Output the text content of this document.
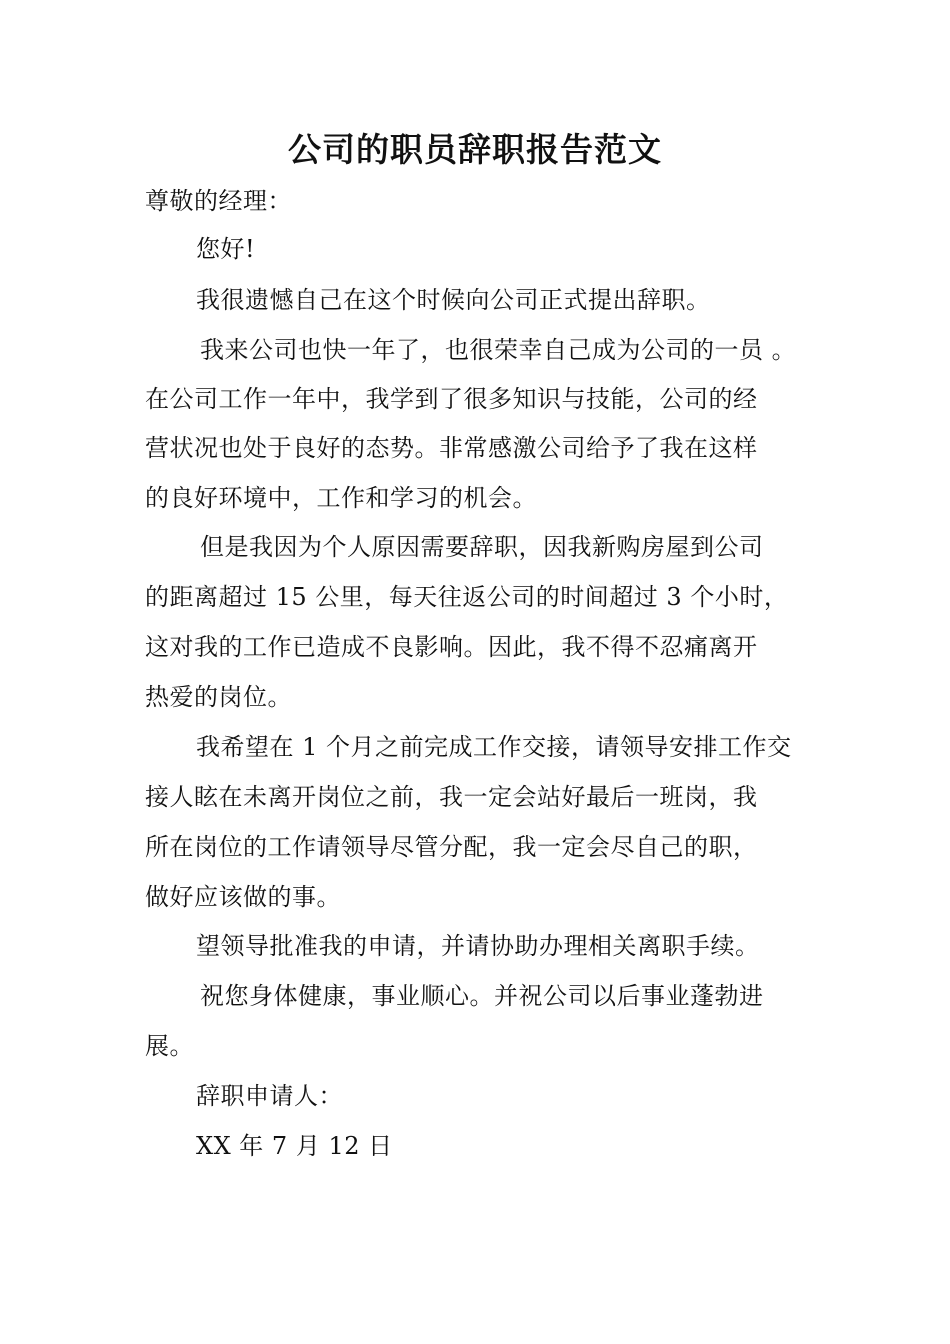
公司的职员辞职报告范文
尊敬的经理：
您好!
我很遗憾自己在这个时候向公司正式提出辞职。
我来公司也快一年了，也很荣幸自己成为公司的一员 。
在公司工作一年中，我学到了很多知识与技能，公司的经
营状况也处于良好的态势。非常感激公司给予了我在这样
的良好环境中，工作和学习的机会。
但是我因为个人原因需要辞职，因我新购房屋到公司
的距离超过 15 公里，每天往返公司的时间超过 3 个小时，
这对我的工作已造成不良影响。因此，我不得不忍痛离开
热爱的岗位。
我希望在 1 个月之前完成工作交接，请领导安排工作交
接人眩在未离开岗位之前，我一定会站好最后一班岗，我
所在岗位的工作请领导尽管分配，我一定会尽自己的职，
做好应该做的事。
望领导批准我的申请，并请协助办理相关离职手续。
祝您身体健康，事业顺心。并祝公司以后事业蓬勃进
展。
辞职申请人：
XX 年 7 月 12 日
